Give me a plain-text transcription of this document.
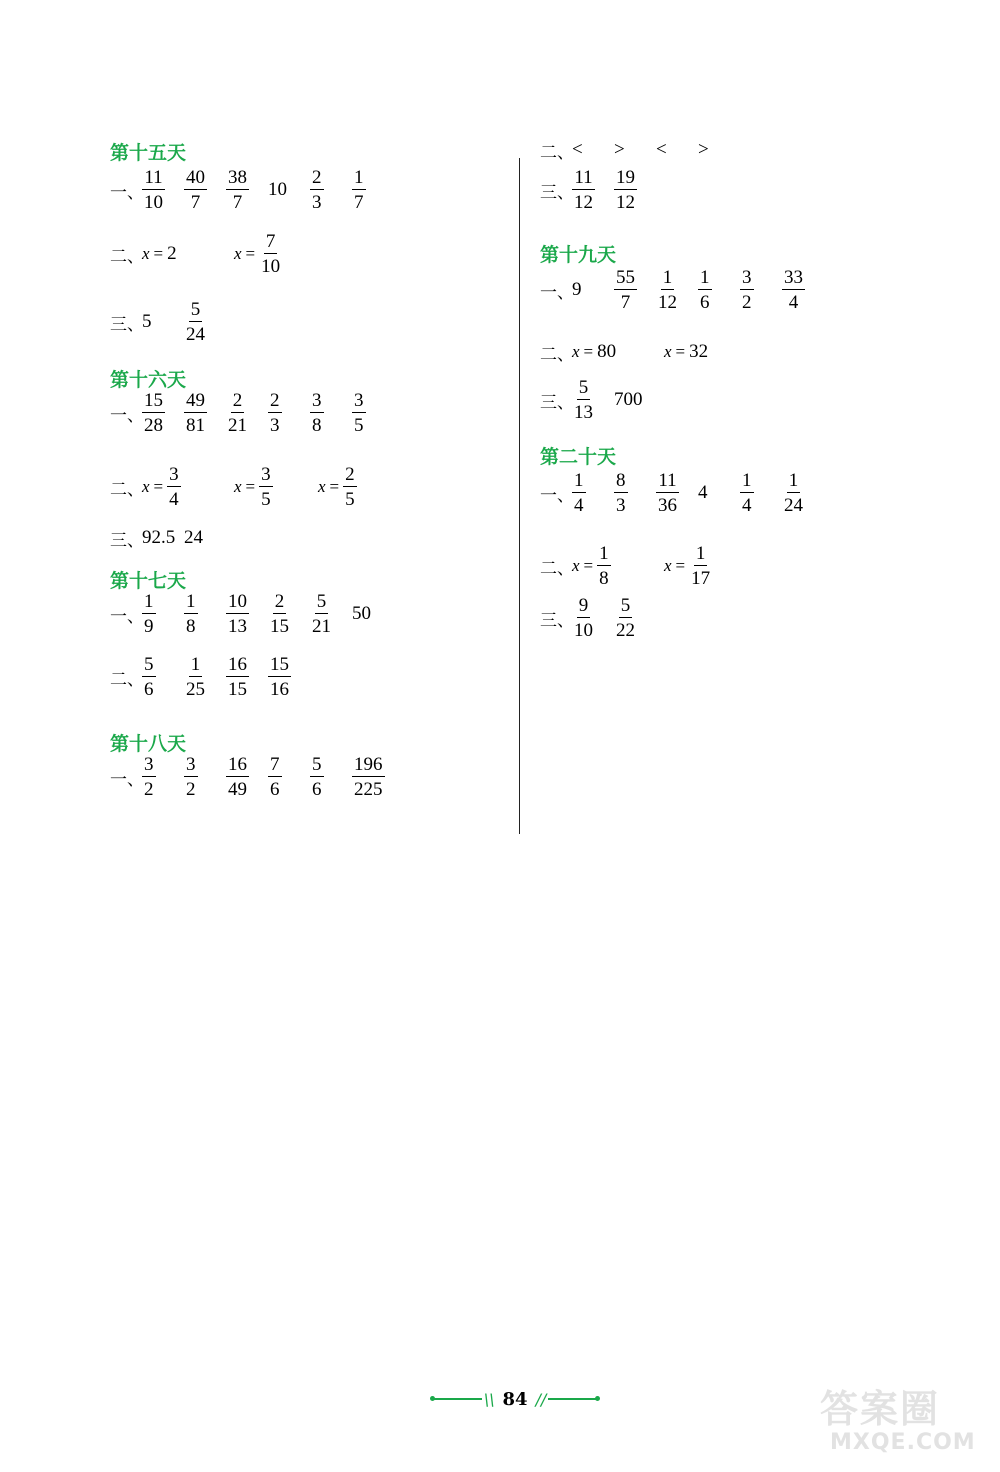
第十五天
一、
$\frac{11}{10} \frac{40}{7} \frac{38}{7} 10 \frac{2}{3} \frac{1}{7}$
二、
x = 2	$x = \frac{7}{10}$
三、
$5 \frac{5}{24}$
第十六天
一、
$\frac{15}{28} \frac{49}{81} \frac{2}{21} \frac{2}{3} \frac{3}{8} \frac{3}{5}$
二、
$x = \frac{3}{4}$	$x = \frac{3}{5}$	$x = \frac{2}{5}$
三、
92.5 24
第十七天
一、
$\frac{1}{9} \frac{1}{8} \frac{10}{13} \frac{2}{15} \frac{5}{21} 50$
二、
$\frac{5}{6} \frac{1}{25} \frac{16}{15} \frac{15}{16}$
第十八天
一、
$\frac{3}{2} \frac{3}{2} \frac{16}{49} \frac{7}{6} \frac{5}{6} \frac{196}{225}$
二、
< > < >
三、
$\frac{11}{12} \frac{19}{12}$
第十九天
一、
$9 \frac{55}{7} \frac{1}{12} \frac{1}{6} \frac{3}{2} \frac{33}{4}$
二、
x = 80	x = 32
三、
$\frac{5}{13} 700$
第二十天
一、
$\frac{1}{4} \frac{8}{3} \frac{11}{36} 4 \frac{1}{4} \frac{1}{24}$
二、
$x = \frac{1}{8}$	$x = \frac{1}{17}$
三、
$\frac{9}{10} \frac{5}{22}$
\\ 84 //	答案圈
MXQE.COM
